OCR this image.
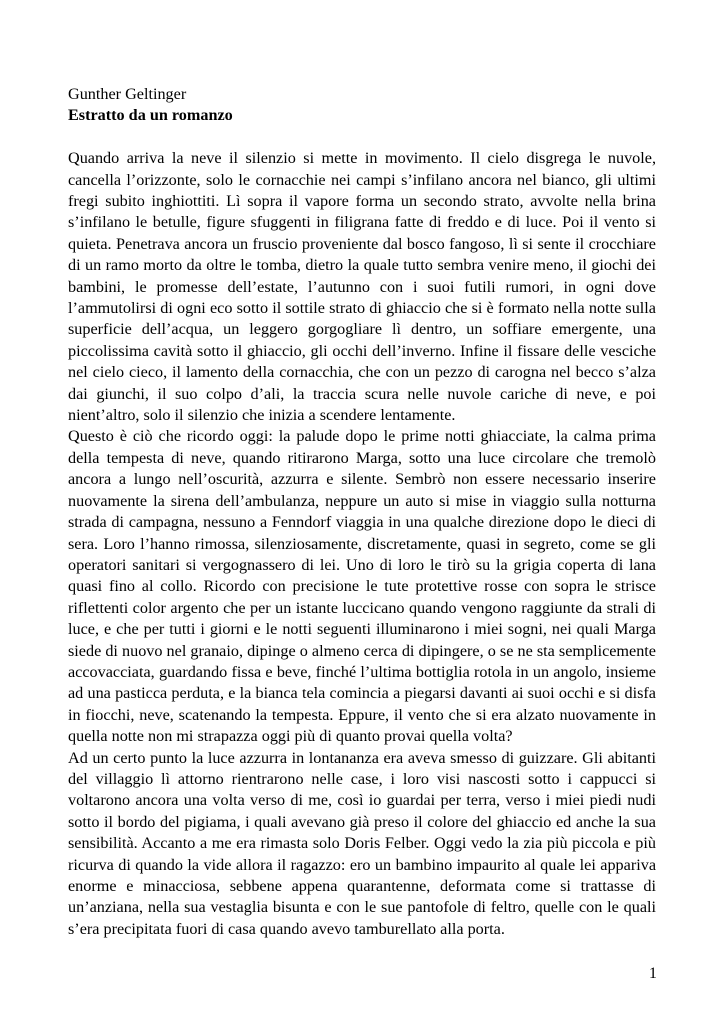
Gunther Geltinger

Estratto da un romanzo

Quando arriva la neve il silenzio si mette in movimento. Il cielo disgrega le nuvole, cancella l’orizzonte, solo le cornacchie nei campi s’infilano ancora nel bianco, gli ultimi fregi subito inghiottiti. Lì sopra il vapore forma un secondo strato, avvolte nella brina s’infilano le betulle, figure sfuggenti in filigrana fatte di freddo e di luce. Poi il vento si quieta. Penetrava ancora un fruscio proveniente dal bosco fangoso, lì si sente il crocchiare di un ramo morto da oltre le tomba, dietro la quale tutto sembra venire meno, il giochi dei bambini, le promesse dell’estate, l’autunno con i suoi futili rumori, in ogni dove l’ammutolirsi di ogni eco sotto il sottile strato di ghiaccio che si è formato nella notte sulla superficie dell’acqua, un leggero gorgogliare lì dentro, un soffiare emergente, una piccolissima cavità sotto il ghiaccio, gli occhi dell’inverno. Infine il fissare delle vesciche nel cielo cieco, il lamento della cornacchia, che con un pezzo di carogna nel becco s’alza dai giunchi, il suo colpo d’ali, la traccia scura nelle nuvole cariche di neve, e poi nient’altro, solo il silenzio che inizia a scendere lentamente.

Questo è ciò che ricordo oggi: la palude dopo le prime notti ghiacciate, la calma prima della tempesta di neve, quando ritirarono Marga, sotto una luce circolare che tremolò ancora a lungo nell’oscurità, azzurra e silente. Sembrò non essere necessario inserire nuovamente la sirena dell’ambulanza, neppure un auto si mise in viaggio sulla notturna strada di campagna, nessuno a Fenndorf viaggia in una qualche direzione dopo le dieci di sera. Loro l’hanno rimossa, silenziosamente, discretamente, quasi in segreto, come se gli operatori sanitari si vergognassero di lei. Uno di loro le tirò su la grigia coperta di lana quasi fino al collo. Ricordo con precisione le tute protettive rosse con sopra le strisce riflettenti color argento che per un istante luccicano quando vengono raggiunte da strali di luce, e che per tutti i giorni e le notti seguenti illuminarono i miei sogni, nei quali Marga siede di nuovo nel granaio, dipinge o almeno cerca di dipingere, o se ne sta semplicemente accovacciata, guardando fissa e beve, finché l’ultima bottiglia rotola in un angolo, insieme ad una pasticca perduta, e la bianca tela comincia a piegarsi davanti ai suoi occhi e si disfa in fiocchi, neve, scatenando la tempesta. Eppure, il vento che si era alzato nuovamente in quella notte non mi strapazza oggi più di quanto provai quella volta?

Ad un certo punto la luce azzurra in lontananza era aveva smesso di guizzare. Gli abitanti del villaggio lì attorno rientrarono nelle case, i loro visi nascosti sotto i cappucci si voltarono ancora una volta verso di me, così io guardai per terra, verso i miei piedi nudi sotto il bordo del pigiama, i quali avevano già preso il colore del ghiaccio ed anche la sua sensibilità. Accanto a me era rimasta solo Doris Felber. Oggi vedo la zia più piccola e più ricurva di quando la vide allora il ragazzo: ero un bambino impaurito al quale lei appariva enorme e minacciosa, sebbene appena quarantenne, deformata come si trattasse di un’anziana, nella sua vestaglia bisunta e con le sue pantofole di feltro, quelle con le quali s’era precipitata fuori di casa quando avevo tamburellato alla porta.

1
